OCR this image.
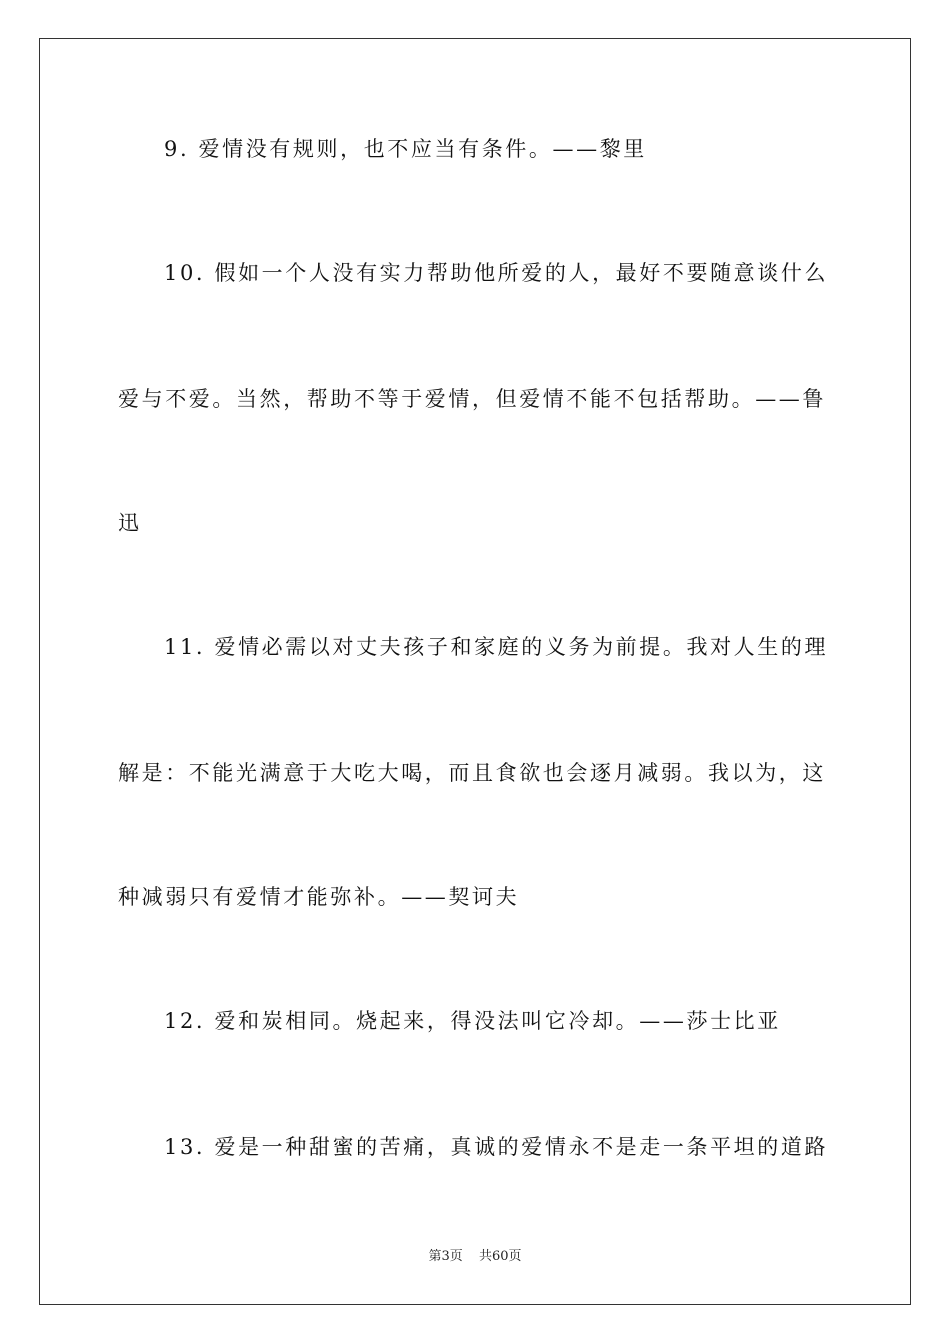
9. 爱情没有规则，也不应当有条件。——黎里
10. 假如一个人没有实力帮助他所爱的人，最好不要随意谈什么
爱与不爱。当然，帮助不等于爱情，但爱情不能不包括帮助。——鲁
迅
11. 爱情必需以对丈夫孩子和家庭的义务为前提。我对人生的理
解是：不能光满意于大吃大喝，而且食欲也会逐月减弱。我以为，这
种减弱只有爱情才能弥补。——契诃夫
12. 爱和炭相同。烧起来，得没法叫它冷却。——莎士比亚
13. 爱是一种甜蜜的苦痛，真诚的爱情永不是走一条平坦的道路
第3页 共60页
